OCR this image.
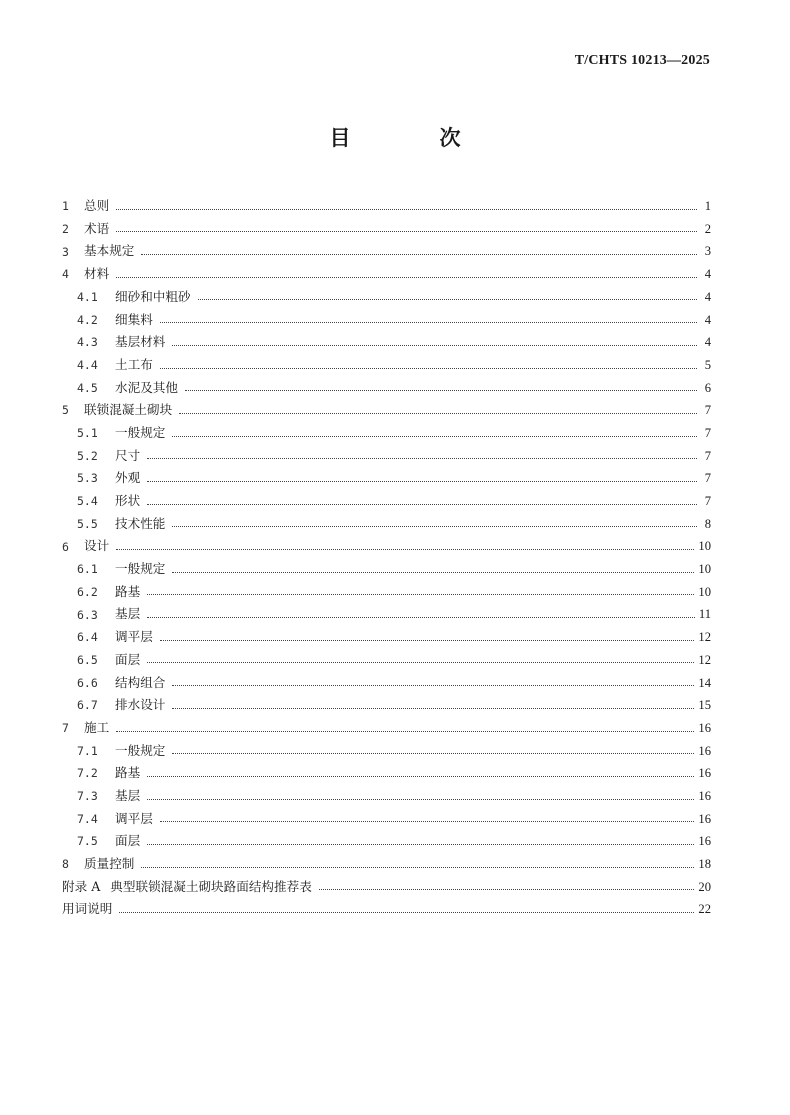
T/CHTS 10213—2025
目　次
1	总则	1
2	术语	2
3	基本规定	3
4	材料	4
4.1	细砂和中粗砂	4
4.2	细集料	4
4.3	基层材料	4
4.4	土工布	5
4.5	水泥及其他	6
5	联锁混凝土砌块	7
5.1	一般规定	7
5.2	尺寸	7
5.3	外观	7
5.4	形状	7
5.5	技术性能	8
6	设计	10
6.1	一般规定	10
6.2	路基	10
6.3	基层	11
6.4	调平层	12
6.5	面层	12
6.6	结构组合	14
6.7	排水设计	15
7	施工	16
7.1	一般规定	16
7.2	路基	16
7.3	基层	16
7.4	调平层	16
7.5	面层	16
8	质量控制	18
附录 A 典型联锁混凝土砌块路面结构推荐表	20
用词说明	22
